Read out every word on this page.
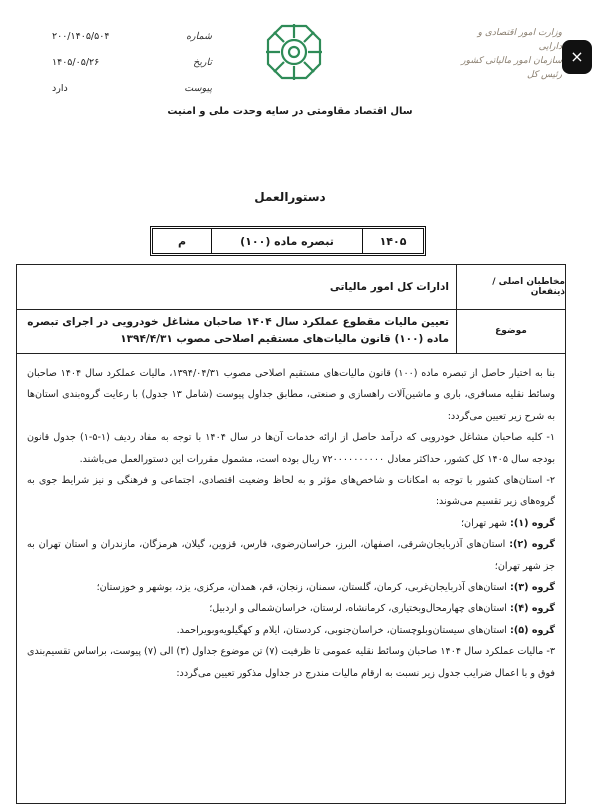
شماره
۲۰۰/۱۴۰۵/۵۰۴
تاریخ
۱۴۰۵/۰۵/۲۶
پیوست
دارد
وزارت امور اقتصادی و دارایی
سازمان امور مالیاتی کشور
رئیس کل
×
سال اقتصاد مقاومتی در سایه وحدت ملی و امنیت
دستورالعمل
۱۴۰۵
تبصره ماده (۱۰۰)
م
مخاطبان اصلی / ذینفعان
ادارات کل امور مالیاتی
موضوع
تعیین مالیات مقطوع عملکرد سال ۱۴۰۴ صاحبان مشاغل خودرویی در اجرای تبصره ماده (۱۰۰) قانون مالیات‌های مستقیم اصلاحی مصوب ۱۳۹۴/۴/۳۱

بنا به اختیار حاصل از تبصره ماده (۱۰۰) قانون مالیات‌های مستقیم اصلاحی مصوب ۱۳۹۴/۰۴/۳۱، مالیات عملکرد سال ۱۴۰۴ صاحبان وسائط نقلیه مسافری، باری و ماشین‌آلات راهسازی و صنعتی، مطابق جداول پیوست (شامل ۱۳ جدول) با رعایت گروه‌بندی استان‌ها به شرح زیر تعیین می‌گردد:

۱- کلیه صاحبان مشاغل خودرویی که درآمد حاصل از ارائه خدمات آن‌ها در سال ۱۴۰۴ با توجه به مفاد ردیف (۱-۵-۱) جدول قانون بودجه سال ۱۴۰۵ کل کشور، حداکثر معادل ۷۲۰۰۰۰۰۰۰۰۰۰ ریال بوده است، مشمول مقررات این دستورالعمل می‌باشند.

۲- استان‌های کشور با توجه به امکانات و شاخص‌های مؤثر و به لحاظ وضعیت اقتصادی، اجتماعی و فرهنگی و نیز شرایط جوی به گروه‌های زیر تقسیم می‌شوند:

گروه (۱): شهر تهران؛

گروه (۲): استان‌های آذربایجان‌شرقی، اصفهان، البرز، خراسان‌رضوی، فارس، قزوین، گیلان، هرمزگان، مازندران و استان تهران به جز شهر تهران؛

گروه (۳): استان‌های آذربایجان‌غربی، کرمان، گلستان، سمنان، زنجان، قم، همدان، مرکزی، یزد، بوشهر و خوزستان؛

گروه (۴): استان‌های چهارمحال‌وبختیاری، کرمانشاه، لرستان، خراسان‌شمالی و اردبیل؛

گروه (۵): استان‌های سیستان‌وبلوچستان، خراسان‌جنوبی، کردستان، ایلام و کهگیلویه‌وبویراحمد.

۳- مالیات عملکرد سال ۱۴۰۴ صاحبان وسائط نقلیه عمومی تا ظرفیت (۷) تن موضوع جداول (۳) الی (۷) پیوست، براساس تقسیم‌بندی فوق و با اعمال ضرایب جدول زیر نسبت به ارقام مالیات مندرج در جداول مذکور تعیین می‌گردد:
